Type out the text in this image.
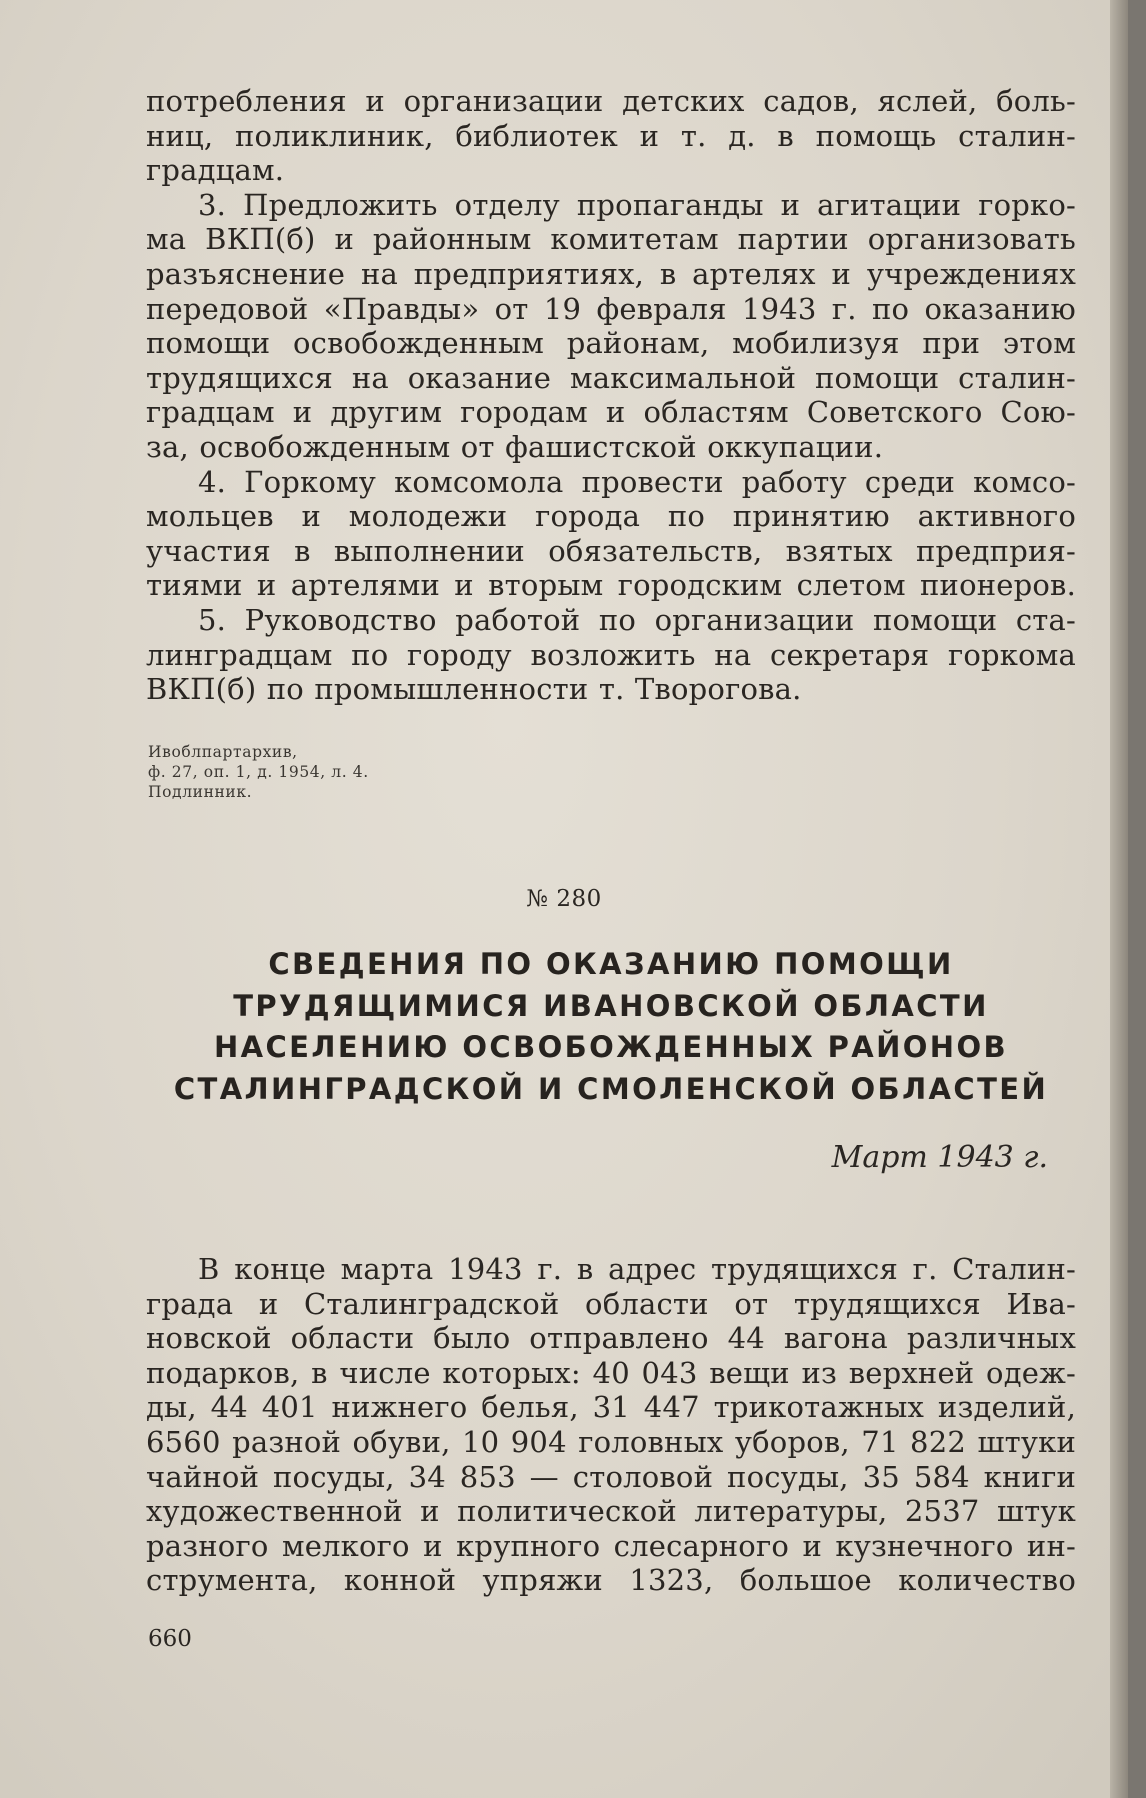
потребления и организации детских садов, яслей, боль-
ниц, поликлиник, библиотек и т. д. в помощь сталин-
градцам.
3. Предложить отделу пропаганды и агитации горко-
ма ВКП(б) и районным комитетам партии организовать
разъяснение на предприятиях, в артелях и учреждениях
передовой «Правды» от 19 февраля 1943 г. по оказанию
помощи освобожденным районам, мобилизуя при этом
трудящихся на оказание максимальной помощи сталин-
градцам и другим городам и областям Советского Сою-
за, освобожденным от фашистской оккупации.
4. Горкому комсомола провести работу среди комсо-
мольцев и молодежи города по принятию активного
участия в выполнении обязательств, взятых предприя-
тиями и артелями и вторым городским слетом пионеров.
5. Руководство работой по организации помощи ста-
линградцам по городу возложить на секретаря горкома
ВКП(б) по промышленности т. Творогова.
Ивоблпартархив,
ф. 27, оп. 1, д. 1954, л. 4.
Подлинник.
№ 280
СВЕДЕНИЯ ПО ОКАЗАНИЮ ПОМОЩИ
ТРУДЯЩИМИСЯ ИВАНОВСКОЙ ОБЛАСТИ
НАСЕЛЕНИЮ ОСВОБОЖДЕННЫХ РАЙОНОВ
СТАЛИНГРАДСКОЙ И СМОЛЕНСКОЙ ОБЛАСТЕЙ
Март 1943 г.
В конце марта 1943 г. в адрес трудящихся г. Сталин-
града и Сталинградской области от трудящихся Ива-
новской области было отправлено 44 вагона различных
подарков, в числе которых: 40 043 вещи из верхней одеж-
ды, 44 401 нижнего белья, 31 447 трикотажных изделий,
6560 разной обуви, 10 904 головных уборов, 71 822 штуки
чайной посуды, 34 853 — столовой посуды, 35 584 книги
художественной и политической литературы, 2537 штук
разного мелкого и крупного слесарного и кузнечного ин-
струмента, конной упряжи 1323, большое количество
660
